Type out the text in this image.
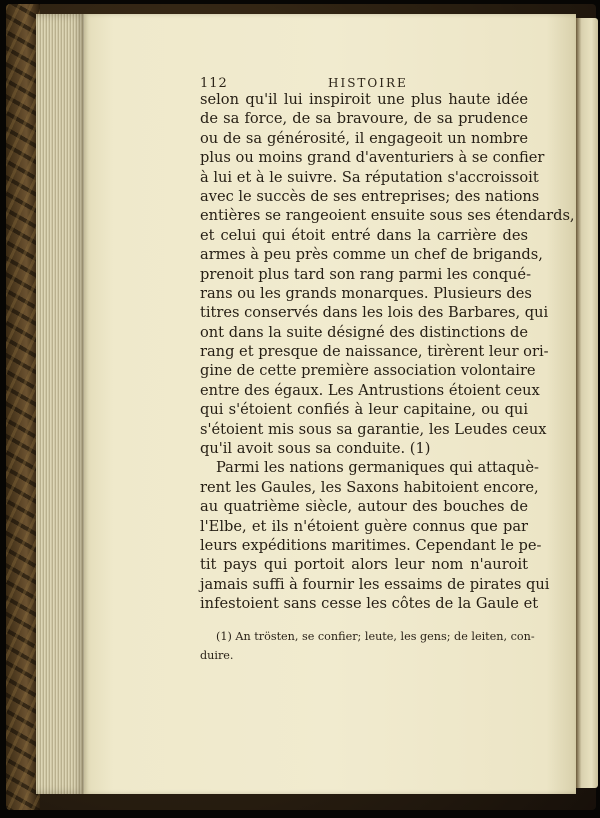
112	HISTOIRE
selon qu'il lui inspiroit une plus haute idée
de sa force, de sa bravoure, de sa prudence
ou de sa générosité, il engageoit un nombre
plus ou moins grand d'aventuriers à se confier
à lui et à le suivre. Sa réputation s'accroissoit
avec le succès de ses entreprises; des nations
entières se rangeoient ensuite sous ses étendards,
et celui qui étoit entré dans la carrière des
armes à peu près comme un chef de brigands,
prenoit plus tard son rang parmi les conqué-
rans ou les grands monarques. Plusieurs des
titres conservés dans les lois des Barbares, qui
ont dans la suite désigné des distinctions de
rang et presque de naissance, tirèrent leur ori-
gine de cette première association volontaire
entre des égaux. Les Antrustions étoient ceux
qui s'étoient confiés à leur capitaine, ou qui
s'étoient mis sous sa garantie, les Leudes ceux
qu'il avoit sous sa conduite. (1)
Parmi les nations germaniques qui attaquè-
rent les Gaules, les Saxons habitoient encore,
au quatrième siècle, autour des bouches de
l'Elbe, et ils n'étoient guère connus que par
leurs expéditions maritimes. Cependant le pe-
tit pays qui portoit alors leur nom n'auroit
jamais suffi à fournir les essaims de pirates qui
infestoient sans cesse les côtes de la Gaule et
(1) An trösten, se confier; leute, les gens; de leiten, con-
duire.
